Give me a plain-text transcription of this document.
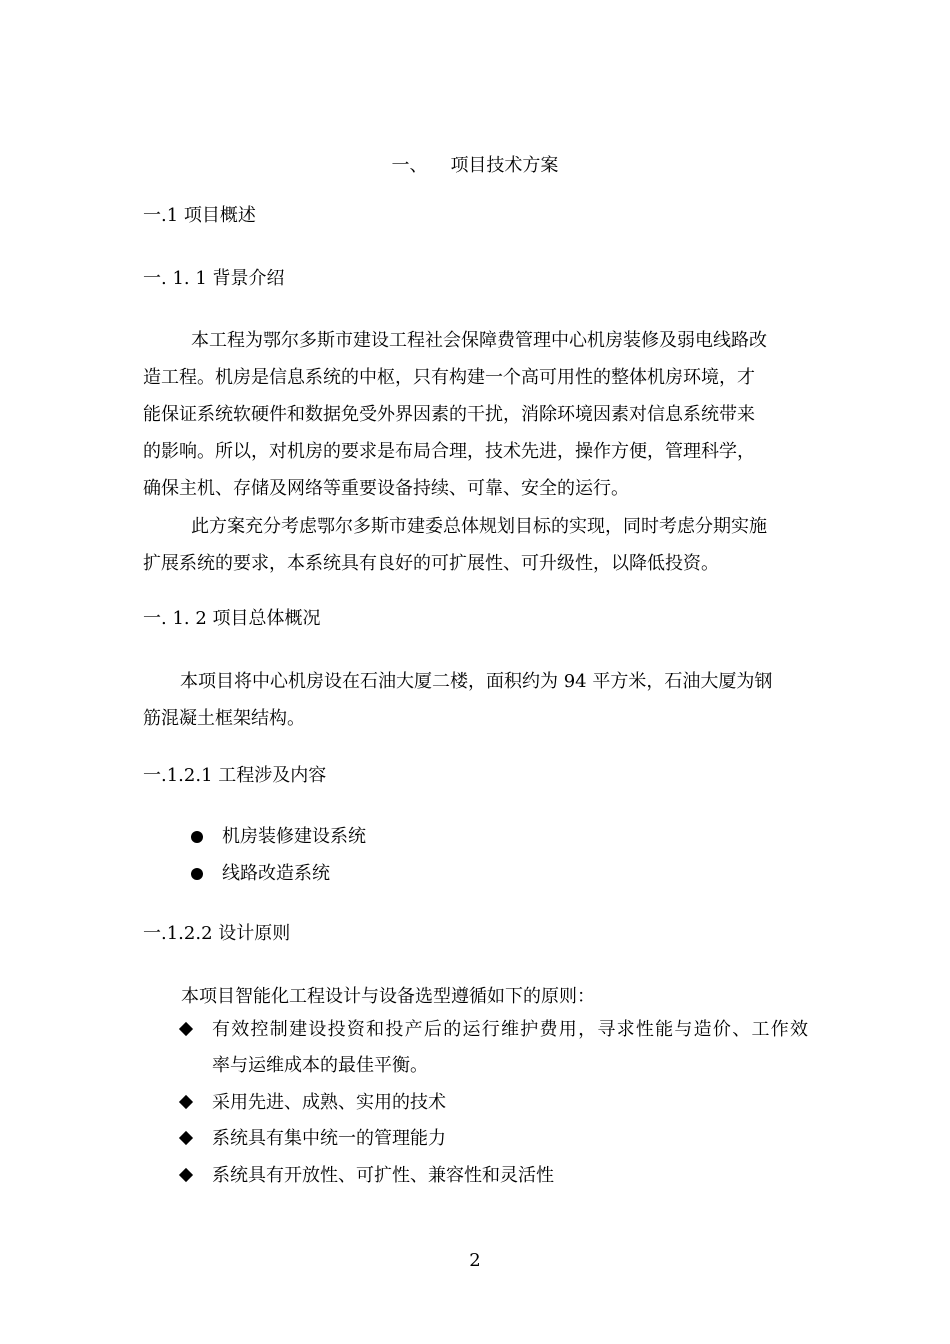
一、 项目技术方案
一.1 项目概述
一. 1. 1 背景介绍

本工程为鄂尔多斯市建设工程社会保障费管理中心机房装修及弱电线路改

造工程。机房是信息系统的中枢，只有构建一个高可用性的整体机房环境，才

能保证系统软硬件和数据免受外界因素的干扰，消除环境因素对信息系统带来

的影响。所以，对机房的要求是布局合理，技术先进，操作方便，管理科学，

确保主机、存储及网络等重要设备持续、可靠、安全的运行。

此方案充分考虑鄂尔多斯市建委总体规划目标的实现，同时考虑分期实施

扩展系统的要求，本系统具有良好的可扩展性、可升级性，以降低投资。

一. 1. 2 项目总体概况

本项目将中心机房设在石油大厦二楼，面积约为 94 平方米，石油大厦为钢

筋混凝土框架结构。

一.1.2.1 工程涉及内容
机房装修建设系统
线路改造系统
一.1.2.2 设计原则
本项目智能化工程设计与设备选型遵循如下的原则：
有效控制建设投资和投产后的运行维护费用，寻求性能与造价、工作效
率与运维成本的最佳平衡。
采用先进、成熟、实用的技术
系统具有集中统一的管理能力
系统具有开放性、可扩性、兼容性和灵活性
2
